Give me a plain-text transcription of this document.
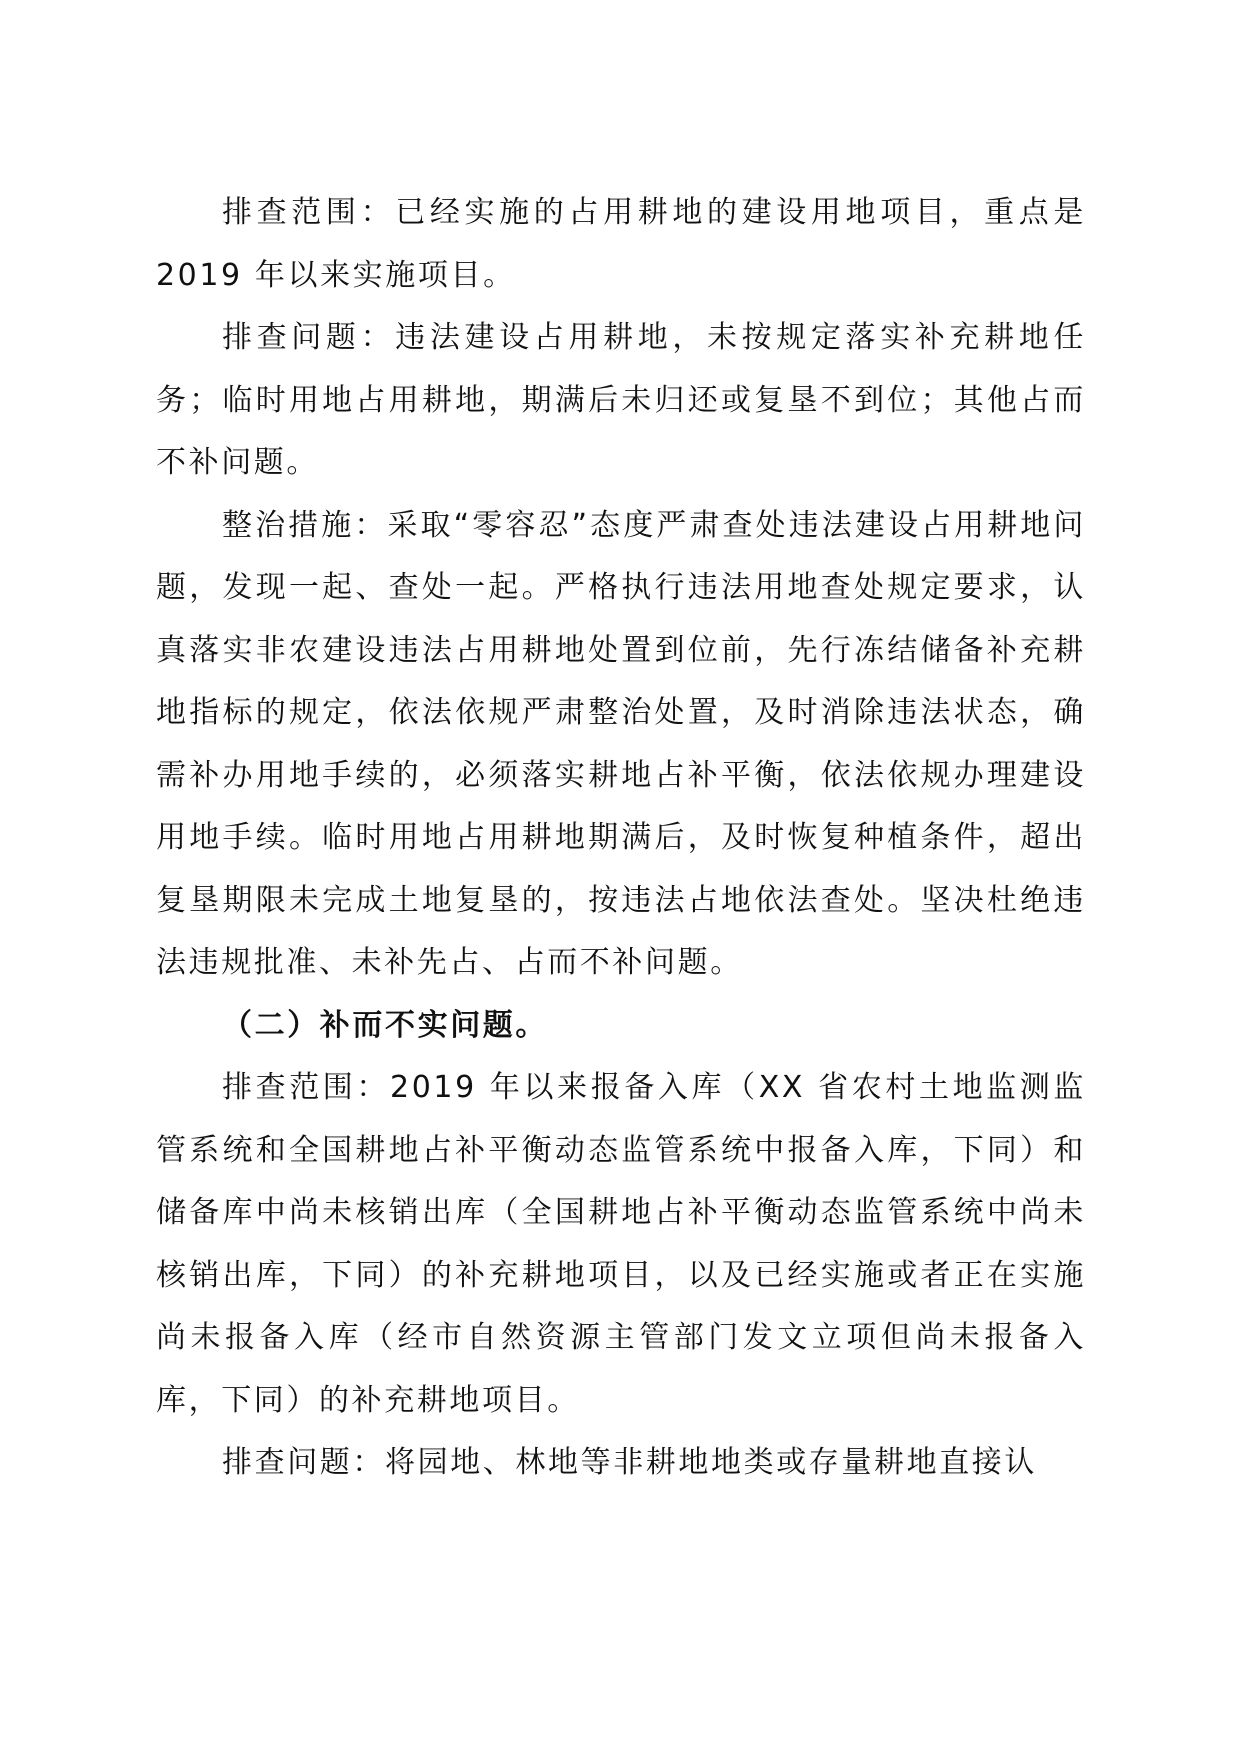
排查范围：已经实施的占用耕地的建设用地项目，重点是2019 年以来实施项目。

排查问题：违法建设占用耕地，未按规定落实补充耕地任务；临时用地占用耕地，期满后未归还或复垦不到位；其他占而不补问题。

整治措施：采取“零容忍”态度严肃查处违法建设占用耕地问题，发现一起、查处一起。严格执行违法用地查处规定要求，认真落实非农建设违法占用耕地处置到位前，先行冻结储备补充耕地指标的规定，依法依规严肃整治处置，及时消除违法状态，确需补办用地手续的，必须落实耕地占补平衡，依法依规办理建设用地手续。临时用地占用耕地期满后，及时恢复种植条件，超出复垦期限未完成土地复垦的，按违法占地依法查处。坚决杜绝违法违规批准、未补先占、占而不补问题。

（二）补而不实问题。

排查范围：2019 年以来报备入库（XX 省农村土地监测监管系统和全国耕地占补平衡动态监管系统中报备入库，下同）和储备库中尚未核销出库（全国耕地占补平衡动态监管系统中尚未核销出库，下同）的补充耕地项目，以及已经实施或者正在实施尚未报备入库（经市自然资源主管部门发文立项但尚未报备入库，下同）的补充耕地项目。

排查问题：将园地、林地等非耕地地类或存量耕地直接认
